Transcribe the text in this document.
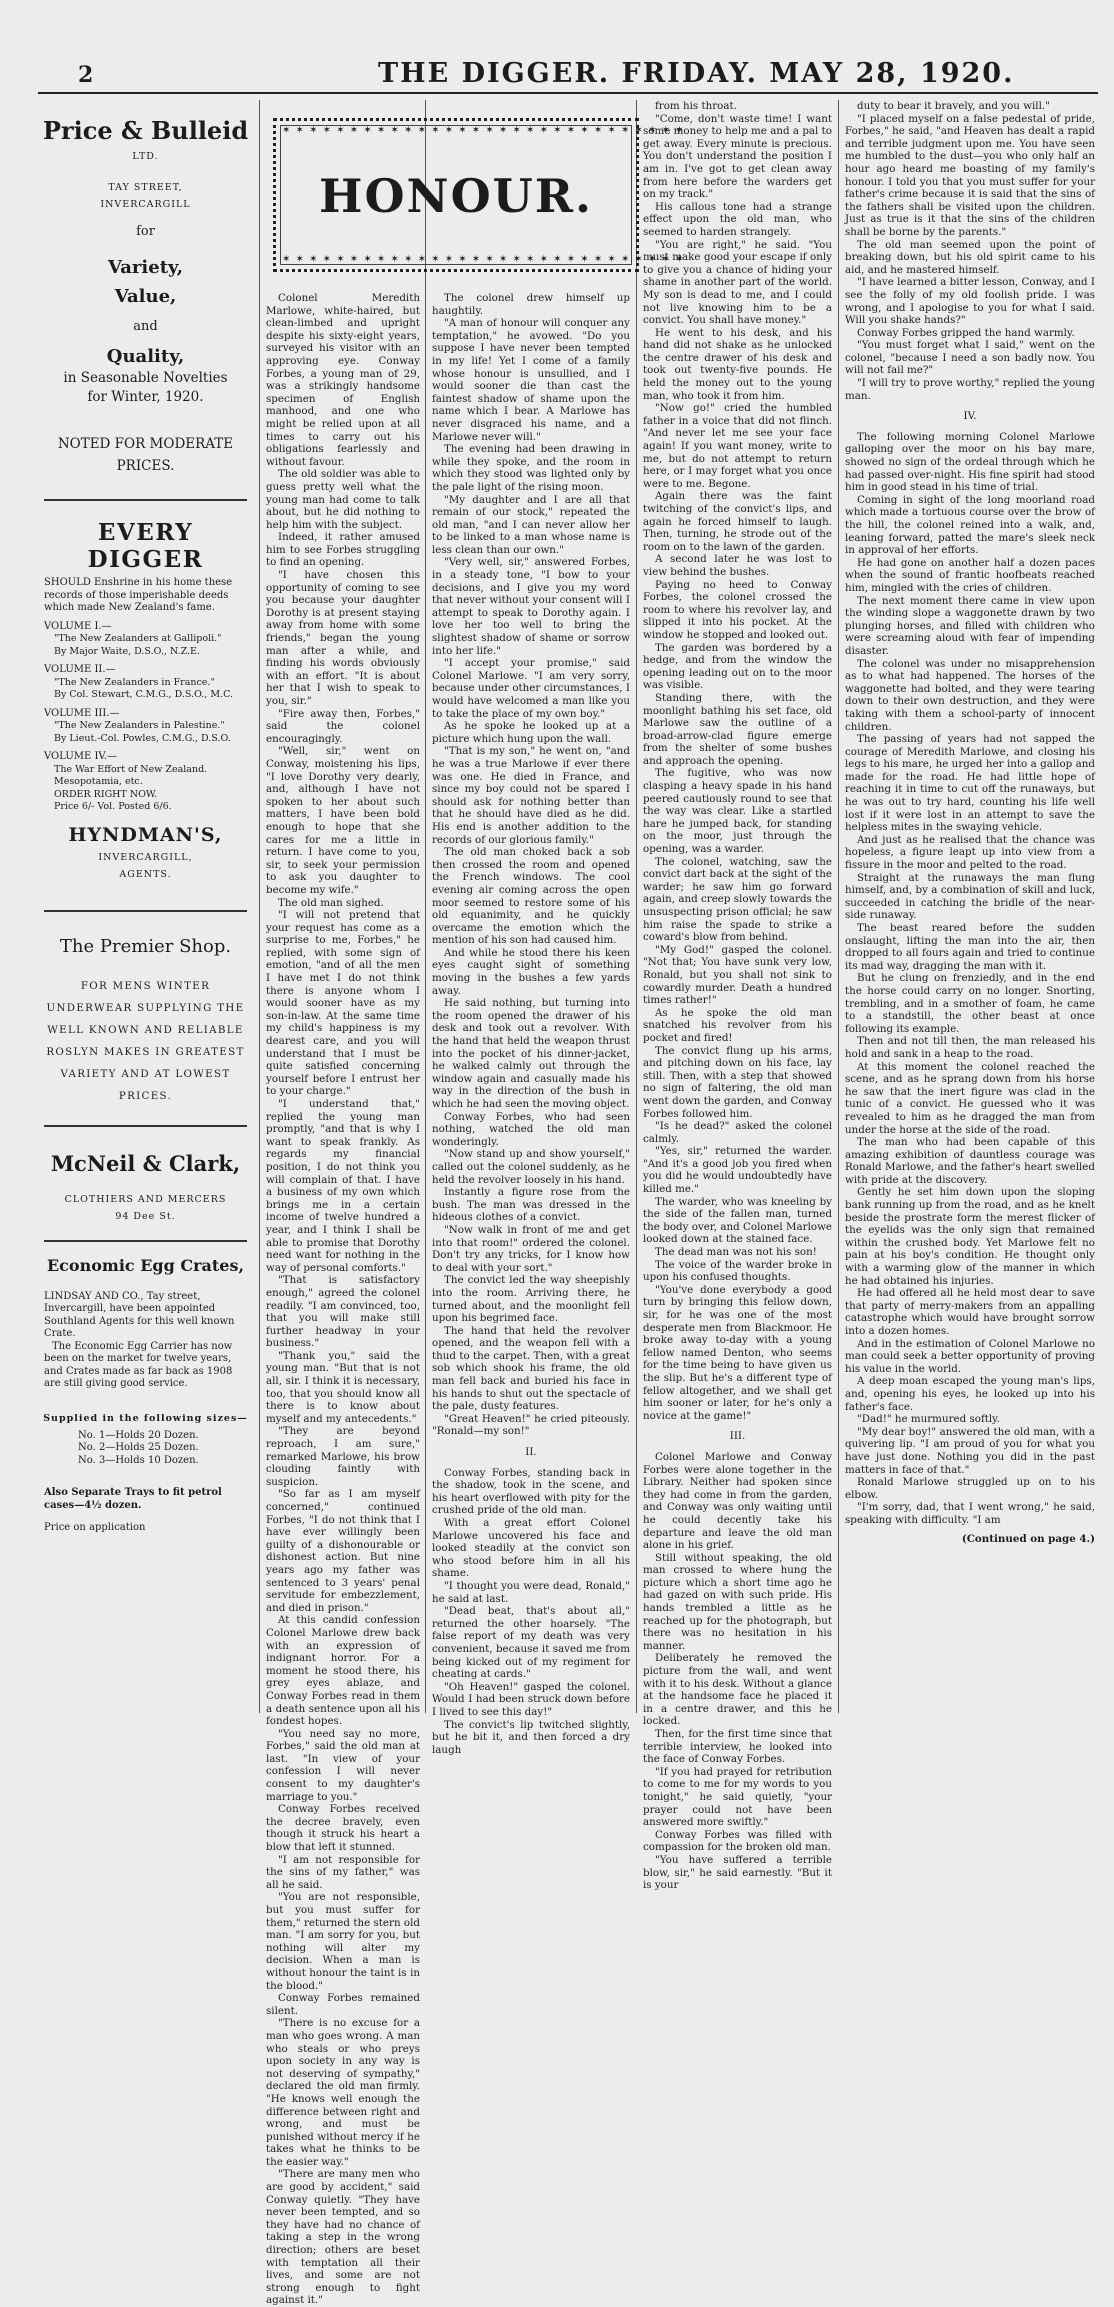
2	THE DIGGER. FRIDAY. MAY 28, 1920.
Price & Bulleid
LTD.
TAY STREET,
INVERCARGILL
for
Variety,
Value,
and
Quality,
in Seasonable Novelties
for Winter, 1920.
NOTED FOR MODERATE PRICES.
EVERY DIGGER
SHOULD Enshrine in his home these records of those imperishable deeds which made New Zealand's fame.
VOLUME I.—
"The New Zealanders at Gallipoli."
By Major Waite, D.S.O., N.Z.E.
VOLUME II.—
"The New Zealanders in France."
By Col. Stewart, C.M.G., D.S.O., M.C.
VOLUME III.—
"The New Zealanders in Palestine."
By Lieut.-Col. Powles, C.M.G., D.S.O.
VOLUME IV.—
The War Effort of New Zealand.
Mesopotamia, etc.
ORDER RIGHT NOW.
Price 6/- Vol. Posted 6/6.
HYNDMAN'S,
INVERCARGILL,
AGENTS.
The Premier Shop.
FOR MENS WINTER UNDERWEAR SUPPLYING THE WELL KNOWN AND RELIABLE ROSLYN MAKES IN GREATEST VARIETY AND AT LOWEST PRICES.
McNeil & Clark,
CLOTHIERS AND MERCERS
94 Dee St.
Economic Egg Crates,
LINDSAY AND CO., Tay street, Invercargill, have been appointed Southland Agents for this well known Crate.
The Economic Egg Carrier has now been on the market for twelve years, and Crates made as far back as 1908 are still giving good service.
Supplied in the following sizes—
No. 1—Holds 20 Dozen.
No. 2—Holds 25 Dozen.
No. 3—Holds 10 Dozen.
Also Separate Trays to fit petrol cases—4½ dozen.
Price on application
✶ ✶ ✶ ✶ ✶ ✶ ✶ ✶ ✶ ✶ ✶ ✶ ✶ ✶ ✶ ✶ ✶ ✶ ✶ ✶ ✶ ✶ ✶ ✶ ✶ ✶ ✶ ✶ ✶ ✶
HONOUR.
✶ ✶ ✶ ✶ ✶ ✶ ✶ ✶ ✶ ✶ ✶ ✶ ✶ ✶ ✶ ✶ ✶ ✶ ✶ ✶ ✶ ✶ ✶ ✶ ✶ ✶ ✶ ✶ ✶ ✶

Colonel Meredith Marlowe, white-haired, but clean-limbed and upright despite his sixty-eight years, surveyed his visitor with an approving eye. Conway Forbes, a young man of 29, was a strikingly handsome specimen of English manhood, and one who might be relied upon at all times to carry out his obligations fearlessly and without favour.

The old soldier was able to guess pretty well what the young man had come to talk about, but he did nothing to help him with the subject.

Indeed, it rather amused him to see Forbes struggling to find an opening.

"I have chosen this opportunity of coming to see you because your daughter Dorothy is at present staying away from home with some friends," began the young man after a while, and finding his words obviously with an effort. "It is about her that I wish to speak to you, sir."

"Fire away then, Forbes," said the colonel encouragingly.

"Well, sir," went on Conway, moistening his lips, "I love Dorothy very dearly, and, although I have not spoken to her about such matters, I have been bold enough to hope that she cares for me a little in return. I have come to you, sir, to seek your permission to ask you daughter to become my wife."

The old man sighed.

"I will not pretend that your request has come as a surprise to me, Forbes," he replied, with some sign of emotion, "and of all the men I have met I do not think there is anyone whom I would sooner have as my son-in-law. At the same time my child's happiness is my dearest care, and you will understand that I must be quite satisfied concerning yourself before I entrust her to your charge."

"I understand that," replied the young man promptly, "and that is why I want to speak frankly. As regards my financial position, I do not think you will complain of that. I have a business of my own which brings me in a certain income of twelve hundred a year, and I think I shall be able to promise that Dorothy need want for nothing in the way of personal comforts."

"That is satisfactory enough," agreed the colonel readily. "I am convinced, too, that you will make still further headway in your business."

"Thank you," said the young man. "But that is not all, sir. I think it is necessary, too, that you should know all there is to know about myself and my antecedents."

"They are beyond reproach, I am sure," remarked Marlowe, his brow clouding faintly with suspicion.

"So far as I am myself concerned," continued Forbes, "I do not think that I have ever willingly been guilty of a dishonourable or dishonest action. But nine years ago my father was sentenced to 3 years' penal servitude for embezzlement, and died in prison."

At this candid confession Colonel Marlowe drew back with an expression of indignant horror. For a moment he stood there, his grey eyes ablaze, and Conway Forbes read in them a death sentence upon all his fondest hopes.

"You need say no more, Forbes," said the old man at last. "In view of your confession I will never consent to my daughter's marriage to you."

Conway Forbes received the decree bravely, even though it struck his heart a blow that left it stunned.

"I am not responsible for the sins of my father," was all he said.

"You are not responsible, but you must suffer for them," returned the stern old man. "I am sorry for you, but nothing will alter my decision. When a man is without honour the taint is in the blood."

Conway Forbes remained silent.

"There is no excuse for a man who goes wrong. A man who steals or who preys upon society in any way is not deserving of sympathy," declared the old man firmly. "He knows well enough the difference between right and wrong, and must be punished without mercy if he takes what he thinks to be the easier way."

"There are many men who are good by accident," said Conway quietly. "They have never been tempted, and so they have had no chance of taking a step in the wrong direction; others are beset with temptation all their lives, and some are not strong enough to fight against it."

The colonel drew himself up haughtily.

"A man of honour will conquer any temptation," he avowed. "Do you suppose I have never been tempted in my life! Yet I come of a family whose honour is unsullied, and I would sooner die than cast the faintest shadow of shame upon the name which I bear. A Marlowe has never disgraced his name, and a Marlowe never will."

The evening had been drawing in while they spoke, and the room in which they stood was lighted only by the pale light of the rising moon.

"My daughter and I are all that remain of our stock," repeated the old man, "and I can never allow her to be linked to a man whose name is less clean than our own."

"Very well, sir," answered Forbes, in a steady tone, "I bow to your decisions, and I give you my word that never without your consent will I attempt to speak to Dorothy again. I love her too well to bring the slightest shadow of shame or sorrow into her life."

"I accept your promise," said Colonel Marlowe. "I am very sorry, because under other circumstances, I would have welcomed a man like you to take the place of my own boy."

As he spoke he looked up at a picture which hung upon the wall.

"That is my son," he went on, "and he was a true Marlowe if ever there was one. He died in France, and since my boy could not be spared I should ask for nothing better than that he should have died as he did. His end is another addition to the records of our glorious family."

The old man choked back a sob then crossed the room and opened the French windows. The cool evening air coming across the open moor seemed to restore some of his old equanimity, and he quickly overcame the emotion which the mention of his son had caused him.

And while he stood there his keen eyes caught sight of something moving in the bushes a few yards away.

He said nothing, but turning into the room opened the drawer of his desk and took out a revolver. With the hand that held the weapon thrust into the pocket of his dinner-jacket, he walked calmly out through the window again and casually made his way in the direction of the bush in which he had seen the moving object.

Conway Forbes, who had seen nothing, watched the old man wonderingly.

"Now stand up and show yourself," called out the colonel suddenly, as he held the revolver loosely in his hand.

Instantly a figure rose from the bush. The man was dressed in the hideous clothes of a convict.

"Now walk in front of me and get into that room!" ordered the colonel. Don't try any tricks, for I know how to deal with your sort."

The convict led the way sheepishly into the room. Arriving there, he turned about, and the moonlight fell upon his begrimed face.

The hand that held the revolver opened, and the weapon fell with a thud to the carpet. Then, with a great sob which shook his frame, the old man fell back and buried his face in his hands to shut out the spectacle of the pale, dusty features.

"Great Heaven!" he cried piteously. "Ronald—my son!"

II.

Conway Forbes, standing back in the shadow, took in the scene, and his heart overflowed with pity for the crushed pride of the old man.

With a great effort Colonel Marlowe uncovered his face and looked steadily at the convict son who stood before him in all his shame.

"I thought you were dead, Ronald," he said at last.

"Dead beat, that's about all," returned the other hoarsely. "The false report of my death was very convenient, because it saved me from being kicked out of my regiment for cheating at cards."

"Oh Heaven!" gasped the colonel. Would I had been struck down before I lived to see this day!"

The convict's lip twitched slightly, but he bit it, and then forced a dry laugh

from his throat.

"Come, don't waste time! I want some money to help me and a pal to get away. Every minute is precious. You don't understand the position I am in. I've got to get clean away from here before the warders get on my track."

His callous tone had a strange effect upon the old man, who seemed to harden strangely.

"You are right," he said. "You must make good your escape if only to give you a chance of hiding your shame in another part of the world. My son is dead to me, and I could not live knowing him to be a convict. You shall have money."

He went to his desk, and his hand did not shake as he unlocked the centre drawer of his desk and took out twenty-five pounds. He held the money out to the young man, who took it from him.

"Now go!" cried the humbled father in a voice that did not flinch. "And never let me see your face again! If you want money, write to me, but do not attempt to return here, or I may forget what you once were to me. Begone.

Again there was the faint twitching of the convict's lips, and again he forced himself to laugh. Then, turning, he strode out of the room on to the lawn of the garden.

A second later he was lost to view behind the bushes.

Paying no heed to Conway Forbes, the colonel crossed the room to where his revolver lay, and slipped it into his pocket. At the window he stopped and looked out.

The garden was bordered by a hedge, and from the window the opening leading out on to the moor was visible.

Standing there, with the moonlight bathing his set face, old Marlowe saw the outline of a broad-arrow-clad figure emerge from the shelter of some bushes and approach the opening.

The fugitive, who was now clasping a heavy spade in his hand peered cautiously round to see that the way was clear. Like a startled hare he jumped back, for standing on the moor, just through the opening, was a warder.

The colonel, watching, saw the convict dart back at the sight of the warder; he saw him go forward again, and creep slowly towards the unsuspecting prison official; he saw him raise the spade to strike a coward's blow from behind.

"My God!" gasped the colonel. "Not that; You have sunk very low, Ronald, but you shall not sink to cowardly murder. Death a hundred times rather!"

As he spoke the old man snatched his revolver from his pocket and fired!

The convict flung up his arms, and pitching down on his face, lay still. Then, with a step that showed no sign of faltering, the old man went down the garden, and Conway Forbes followed him.

"Is he dead?" asked the colonel calmly.

"Yes, sir," returned the warder. "And it's a good job you fired when you did he would undoubtedly have killed me."

The warder, who was kneeling by the side of the fallen man, turned the body over, and Colonel Marlowe looked down at the stained face.

The dead man was not his son!

The voice of the warder broke in upon his confused thoughts.

"You've done everybody a good turn by bringing this fellow down, sir, for he was one of the most desperate men from Blackmoor. He broke away to-day with a young fellow named Denton, who seems for the time being to have given us the slip. But he's a different type of fellow altogether, and we shall get him sooner or later, for he's only a novice at the game!"

III.

Colonel Marlowe and Conway Forbes were alone together in the Library. Neither had spoken since they had come in from the garden, and Conway was only waiting until he could decently take his departure and leave the old man alone in his grief.

Still without speaking, the old man crossed to where hung the picture which a short time ago he had gazed on with such pride. His hands trembled a little as he reached up for the photograph, but there was no hesitation in his manner.

Deliberately he removed the picture from the wall, and went with it to his desk. Without a glance at the handsome face he placed it in a centre drawer, and this he locked.

Then, for the first time since that terrible interview, he looked into the face of Conway Forbes.

"If you had prayed for retribution to come to me for my words to you tonight," he said quietly, "your prayer could not have been answered more swiftly."

Conway Forbes was filled with compassion for the broken old man.

"You have suffered a terrible blow, sir," he said earnestly. "But it is your

duty to bear it bravely, and you will."

"I placed myself on a false pedestal of pride, Forbes," he said, "and Heaven has dealt a rapid and terrible judgment upon me. You have seen me humbled to the dust—you who only half an hour ago heard me boasting of my family's honour. I told you that you must suffer for your father's crime because it is said that the sins of the fathers shall be visited upon the children. Just as true is it that the sins of the children shall be borne by the parents."

The old man seemed upon the point of breaking down, but his old spirit came to his aid, and he mastered himself.

"I have learned a bitter lesson, Conway, and I see the folly of my old foolish pride. I was wrong, and I apologise to you for what I said. Will you shake hands?"

Conway Forbes gripped the hand warmly.

"You must forget what I said," went on the colonel, "because I need a son badly now. You will not fail me?"

"I will try to prove worthy," replied the young man.

IV.

The following morning Colonel Marlowe galloping over the moor on his bay mare, showed no sign of the ordeal through which he had passed over-night. His fine spirit had stood him in good stead in his time of trial.

Coming in sight of the long moorland road which made a tortuous course over the brow of the hill, the colonel reined into a walk, and, leaning forward, patted the mare's sleek neck in approval of her efforts.

He had gone on another half a dozen paces when the sound of frantic hoofbeats reached him, mingled with the cries of children.

The next moment there came in view upon the winding slope a waggonette drawn by two plunging horses, and filled with children who were screaming aloud with fear of impending disaster.

The colonel was under no misapprehension as to what had happened. The horses of the waggonette had bolted, and they were tearing down to their own destruction, and they were taking with them a school-party of innocent children.

The passing of years had not sapped the courage of Meredith Marlowe, and closing his legs to his mare, he urged her into a gallop and made for the road. He had little hope of reaching it in time to cut off the runaways, but he was out to try hard, counting his life well lost if it were lost in an attempt to save the helpless mites in the swaying vehicle.

And just as he realised that the chance was hopeless, a figure leapt up into view from a fissure in the moor and pelted to the road.

Straight at the runaways the man flung himself, and, by a combination of skill and luck, succeeded in catching the bridle of the near-side runaway.

The beast reared before the sudden onslaught, lifting the man into the air, then dropped to all fours again and tried to continue its mad way, dragging the man with it.

But he clung on frenziedly, and in the end the horse could carry on no longer. Snorting, trembling, and in a smother of foam, he came to a standstill, the other beast at once following its example.

Then and not till then, the man released his hold and sank in a heap to the road.

At this moment the colonel reached the scene, and as he sprang down from his horse he saw that the inert figure was clad in the tunic of a convict. He guessed who it was revealed to him as he dragged the man from under the horse at the side of the road.

The man who had been capable of this amazing exhibition of dauntless courage was Ronald Marlowe, and the father's heart swelled with pride at the discovery.

Gently he set him down upon the sloping bank running up from the road, and as he knelt beside the prostrate form the merest flicker of the eyelids was the only sign that remained within the crushed body. Yet Marlowe felt no pain at his boy's condition. He thought only with a warming glow of the manner in which he had obtained his injuries.

He had offered all he held most dear to save that party of merry-makers from an appalling catastrophe which would have brought sorrow into a dozen homes.

And in the estimation of Colonel Marlowe no man could seek a better opportunity of proving his value in the world.

A deep moan escaped the young man's lips, and, opening his eyes, he looked up into his father's face.

"Dad!" he murmured softly.

"My dear boy!" answered the old man, with a quivering lip. "I am proud of you for what you have just done. Nothing you did in the past matters in face of that."

Ronald Marlowe struggled up on to his elbow.

"I'm sorry, dad, that I went wrong," he said, speaking with difficulty. "I am

(Continued on page 4.)
